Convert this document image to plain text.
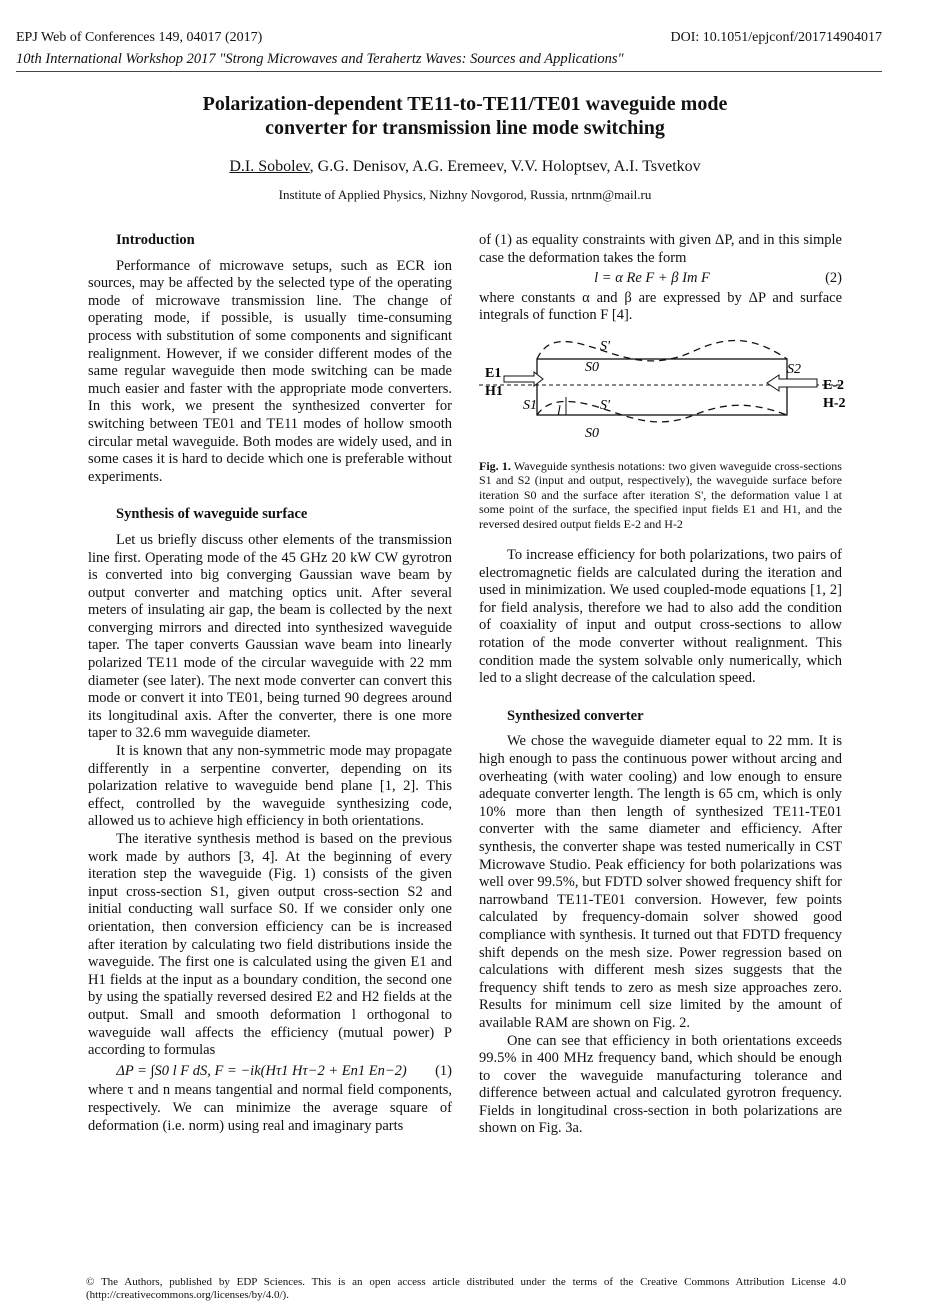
EPJ Web of Conferences 149, 04017 (2017)	DOI: 10.1051/epjconf/201714904017
10th International Workshop 2017 "Strong Microwaves and Terahertz Waves: Sources and Applications"
Polarization-dependent TE11-to-TE11/TE01 waveguide mode
converter for transmission line mode switching
D.I. Sobolev, G.G. Denisov, A.G. Eremeev, V.V. Holoptsev, A.I. Tsvetkov
Institute of Applied Physics, Nizhny Novgorod, Russia, nrtnm@mail.ru
Introduction

Performance of microwave setups, such as ECR ion sources, may be affected by the selected type of the operating mode of microwave transmission line. The change of operating mode, if possible, is usually time-consuming process with substitution of some components and significant realignment. However, if we consider different modes of the same regular waveguide then mode switching can be made much easier and faster with the appropriate mode converters. In this work, we present the synthesized converter for switching between TE01 and TE11 modes of hollow smooth circular metal waveguide. Both modes are widely used, and in some cases it is hard to decide which one is preferable without experiments.

Synthesis of waveguide surface

Let us briefly discuss other elements of the transmission line first. Operating mode of the 45 GHz 20 kW CW gyrotron is converted into big converging Gaussian wave beam by output converter and matching optics unit. After several meters of insulating air gap, the beam is collected by the next converging mirrors and directed into synthesized waveguide taper. The taper converts Gaussian wave beam into linearly polarized TE11 mode of the circular waveguide with 22 mm diameter (see later). The next mode converter can convert this mode or convert it into TE01, being turned 90 degrees around its longitudinal axis. After the converter, there is one more taper to 32.6 mm waveguide diameter.

It is known that any non-symmetric mode may propagate differently in a serpentine converter, depending on its polarization relative to waveguide bend plane [1, 2]. This effect, controlled by the waveguide synthesizing code, allowed us to achieve high efficiency in both orientations.

The iterative synthesis method is based on the previous work made by authors [3, 4]. At the beginning of every iteration step the waveguide (Fig. 1) consists of the given input cross-section S1, given output cross-section S2 and initial conducting wall surface S0. If we consider only one orientation, then conversion efficiency can be is increased after iteration by calculating two field distributions inside the waveguide. The first one is calculated using the given E1 and H1 fields at the input as a boundary condition, the second one by using the spatially reversed desired E2 and H2 fields at the output. Small and smooth deformation l orthogonal to waveguide wall affects the efficiency (mutual power) P according to formulas

ΔP = ∫S0 l F dS, F = −ik(Hτ1 Hτ−2 + En1 En−2)	(1)

where τ and n means tangential and normal field components, respectively. We can minimize the average square of deformation (i.e. norm) using real and imaginary parts

of (1) as equality constraints with given ΔP, and in this simple case the deformation takes the form

l = α Re F + β Im F	(2)

where constants α and β are expressed by ΔP and surface integrals of function F [4].

S'
S0	S2
E1
H1
S1 l	S'
S0
E-2
H-2
Fig. 1. Waveguide synthesis notations: two given waveguide cross-sections S1 and S2 (input and output, respectively), the waveguide surface before iteration S0 and the surface after iteration S', the deformation value l at some point of the surface, the specified input fields E1 and H1, and the reversed desired output fields E-2 and H-2

To increase efficiency for both polarizations, two pairs of electromagnetic fields are calculated during the iteration and used in minimization. We used coupled-mode equations [1, 2] for field analysis, therefore we had to also add the condition of coaxiality of input and output cross-sections to allow rotation of the mode converter without realignment. This condition made the system solvable only numerically, which led to a slight decrease of the calculation speed.

Synthesized converter

We chose the waveguide diameter equal to 22 mm. It is high enough to pass the continuous power without arcing and overheating (with water cooling) and low enough to ensure adequate converter length. The length is 65 cm, which is only 10% more than then length of synthesized TE11-TE01 converter with the same diameter and efficiency. After synthesis, the converter shape was tested numerically in CST Microwave Studio. Peak efficiency for both polarizations was well over 99.5%, but FDTD solver showed frequency shift for narrowband TE11-TE01 conversion. However, few points calculated by frequency-domain solver showed good compliance with synthesis. It turned out that FDTD frequency shift depends on the mesh size. Power regression based on calculations with different mesh sizes suggests that the frequency shift tends to zero as mesh size approaches zero. Results for minimum cell size limited by the amount of available RAM are shown on Fig. 2.

One can see that efficiency in both orientations exceeds 99.5% in 400 MHz frequency band, which should be enough to cover the waveguide manufacturing tolerance and difference between actual and calculated gyrotron frequency. Fields in longitudinal cross-section in both polarizations are shown on Fig. 3a.

© The Authors, published by EDP Sciences. This is an open access article distributed under the terms of the Creative Commons Attribution License 4.0 (http://creativecommons.org/licenses/by/4.0/).
